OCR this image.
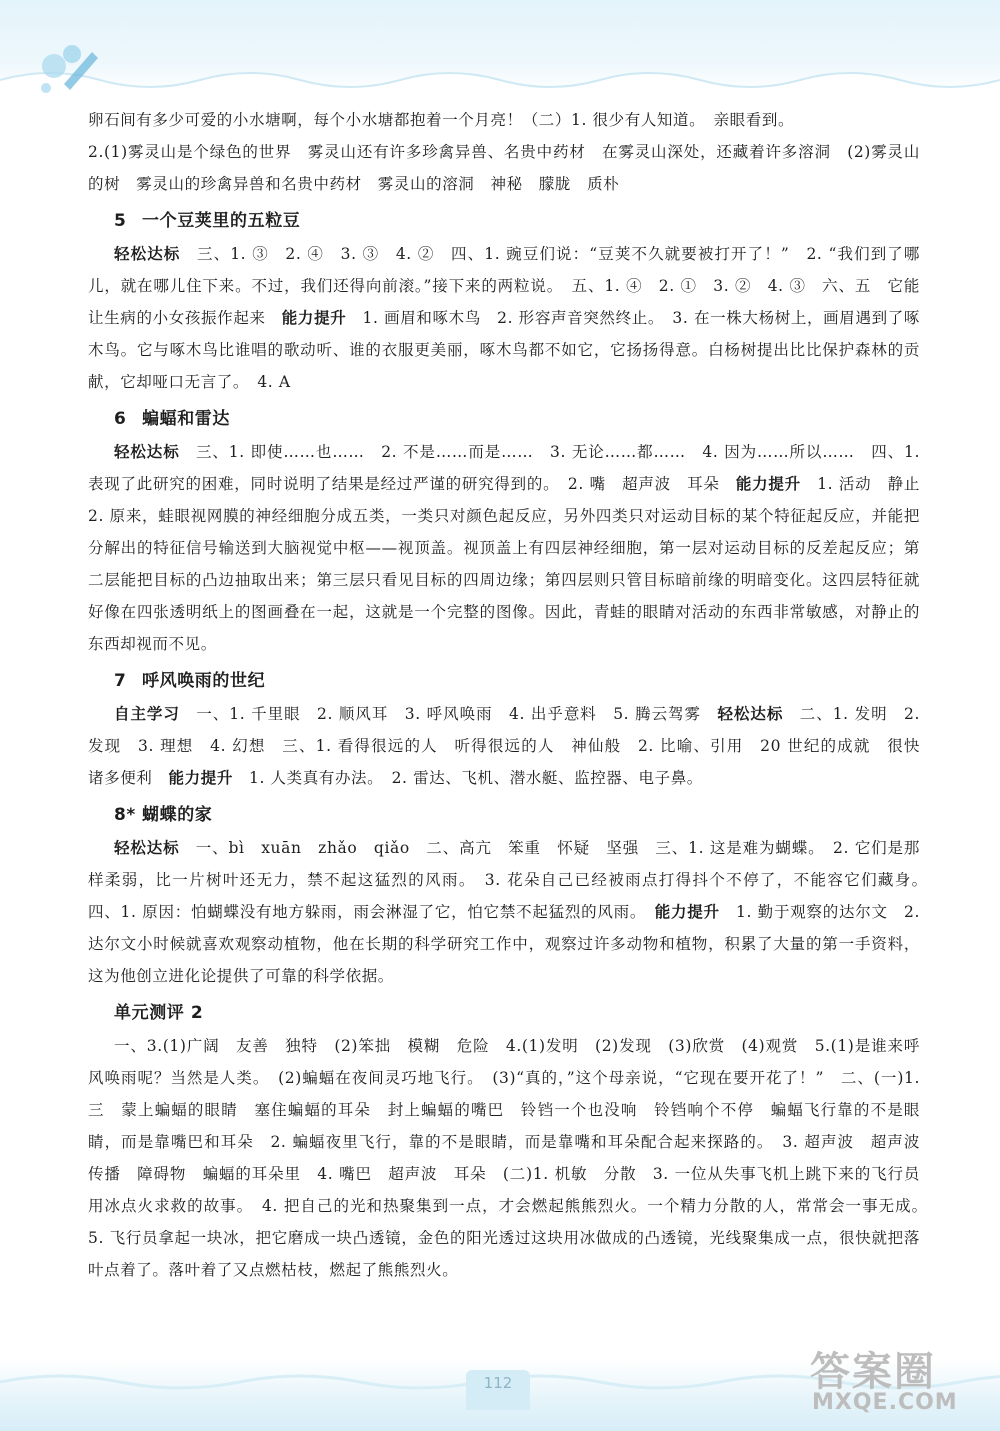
卵石间有多少可爱的小水塘啊，每个小水塘都抱着一个月亮！（二）1. 很少有人知道。　亲眼看到。

2.(1)雾灵山是个绿色的世界　雾灵山还有许多珍禽异兽、名贵中药材　在雾灵山深处，还藏着许多溶洞　(2)雾灵山的树　雾灵山的珍禽异兽和名贵中药材　雾灵山的溶洞　神秘　朦胧　质朴

5 一个豆荚里的五粒豆

轻松达标　三、1. ③　2. ④　3. ③　4. ②　四、1. 豌豆们说：“豆荚不久就要被打开了！”　2. “我们到了哪儿，就在哪儿住下来。不过，我们还得向前滚。”接下来的两粒说。　五、1. ④　2. ①　3. ②　4. ③　六、五　它能让生病的小女孩振作起来　能力提升　1. 画眉和啄木鸟　2. 形容声音突然终止。　3. 在一株大杨树上，画眉遇到了啄木鸟。它与啄木鸟比谁唱的歌动听、谁的衣服更美丽，啄木鸟都不如它，它扬扬得意。白杨树提出比比保护森林的贡献，它却哑口无言了。　4. A

6 蝙蝠和雷达

轻松达标　三、1. 即使……也……　2. 不是……而是……　3. 无论……都……　4. 因为……所以……　四、1. 表现了此研究的困难，同时说明了结果是经过严谨的研究得到的。　2. 嘴　超声波　耳朵　能力提升　1. 活动　静止　2. 原来，蛙眼视网膜的神经细胞分成五类，一类只对颜色起反应，另外四类只对运动目标的某个特征起反应，并能把分解出的特征信号输送到大脑视觉中枢——视顶盖。视顶盖上有四层神经细胞，第一层对运动目标的反差起反应；第二层能把目标的凸边抽取出来；第三层只看见目标的四周边缘；第四层则只管目标暗前缘的明暗变化。这四层特征就好像在四张透明纸上的图画叠在一起，这就是一个完整的图像。因此，青蛙的眼睛对活动的东西非常敏感，对静止的东西却视而不见。

7 呼风唤雨的世纪

自主学习　一、1. 千里眼　2. 顺风耳　3. 呼风唤雨　4. 出乎意料　5. 腾云驾雾　轻松达标　二、1. 发明　2. 发现　3. 理想　4. 幻想　三、1. 看得很远的人　听得很远的人　神仙般　2. 比喻、引用　20 世纪的成就　很快　诸多便利　能力提升　1. 人类真有办法。　2. 雷达、飞机、潜水艇、监控器、电子鼻。

8* 蝴蝶的家

轻松达标　一、bì　xuān　zhǎo　qiǎo　二、高亢　笨重　怀疑　坚强　三、1. 这是难为蝴蝶。　2. 它们是那样柔弱，比一片树叶还无力，禁不起这猛烈的风雨。　3. 花朵自己已经被雨点打得抖个不停了，不能容它们藏身。　四、1. 原因：怕蝴蝶没有地方躲雨，雨会淋湿了它，怕它禁不起猛烈的风雨。　能力提升　1. 勤于观察的达尔文　2. 达尔文小时候就喜欢观察动植物，他在长期的科学研究工作中，观察过许多动物和植物，积累了大量的第一手资料，这为他创立进化论提供了可靠的科学依据。

单元测评 2

一、3.(1)广阔　友善　独特　(2)笨拙　模糊　危险　4.(1)发明　(2)发现　(3)欣赏　(4)观赏　5.(1)是谁来呼风唤雨呢？当然是人类。　(2)蝙蝠在夜间灵巧地飞行。　(3)“真的，”这个母亲说，“它现在要开花了！”　二、(一)1. 三　蒙上蝙蝠的眼睛　塞住蝙蝠的耳朵　封上蝙蝠的嘴巴　铃铛一个也没响　铃铛响个不停　蝙蝠飞行靠的不是眼睛，而是靠嘴巴和耳朵　2. 蝙蝠夜里飞行，靠的不是眼睛，而是靠嘴和耳朵配合起来探路的。　3. 超声波　超声波　传播　障碍物　蝙蝠的耳朵里　4. 嘴巴　超声波　耳朵　(二)1. 机敏　分散　3. 一位从失事飞机上跳下来的飞行员用冰点火求救的故事。　4. 把自己的光和热聚集到一点，才会燃起熊熊烈火。一个精力分散的人，常常会一事无成。　5. 飞行员拿起一块冰，把它磨成一块凸透镜，金色的阳光透过这块用冰做成的凸透镜，光线聚集成一点，很快就把落叶点着了。落叶着了又点燃枯枝，燃起了熊熊烈火。

112	答案圈
MXQE.COM
